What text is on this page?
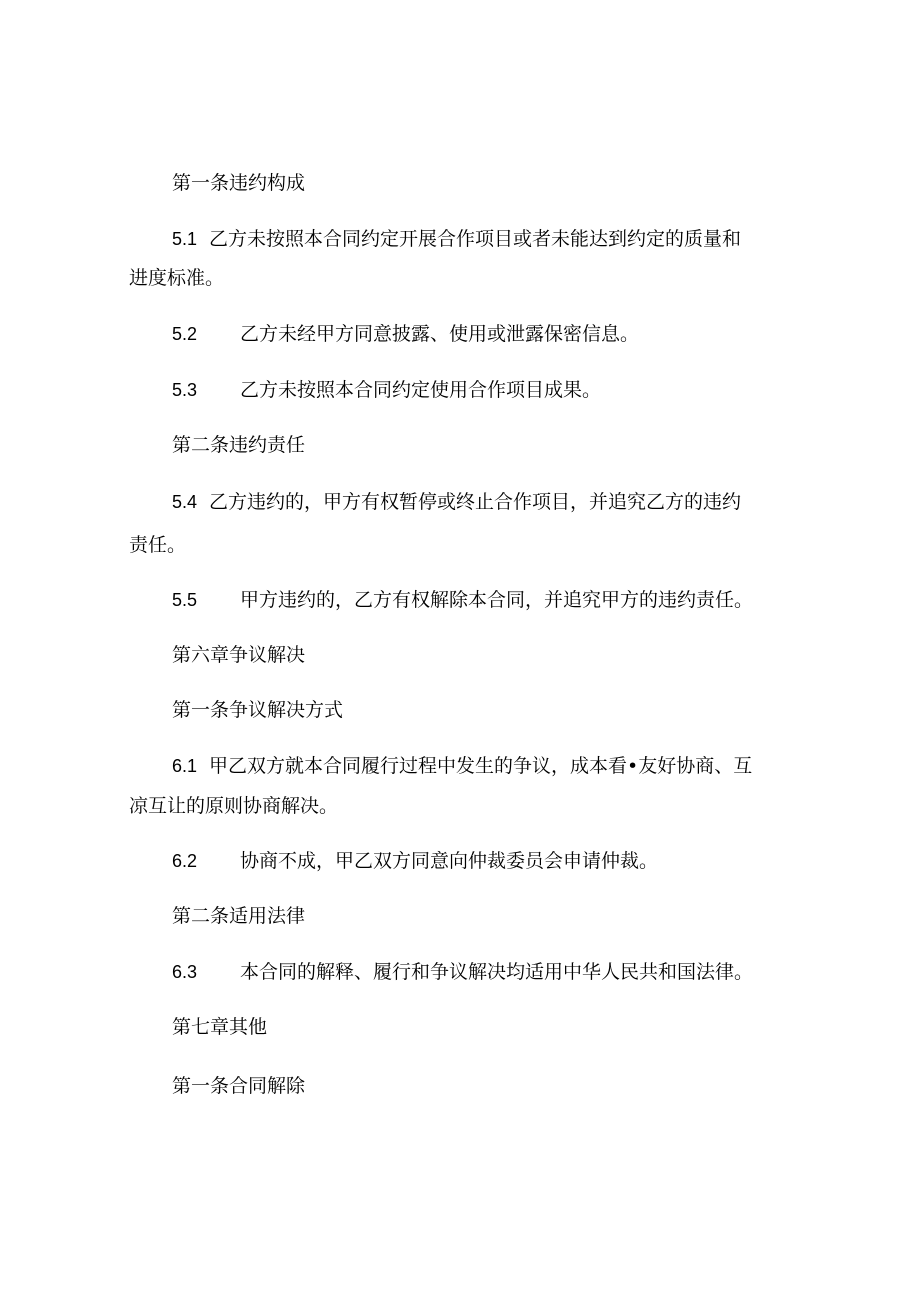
第一条违约构成
5.1 乙方未按照本合同约定开展合作项目或者未能达到约定的质量和
进度标准。
5.2 乙方未经甲方同意披露、使用或泄露保密信息。
5.3 乙方未按照本合同约定使用合作项目成果。
第二条违约责任
5.4 乙方违约的，甲方有权暂停或终止合作项目，并追究乙方的违约
责任。
5.5 甲方违约的，乙方有权解除本合同，并追究甲方的违约责任。
第六章争议解决
第一条争议解决方式
6.1 甲乙双方就本合同履行过程中发生的争议，成本看•友好协商、互
凉互让的原则协商解决。
6.2 协商不成，甲乙双方同意向仲裁委员会申请仲裁。
第二条适用法律
6.3 本合同的解释、履行和争议解决均适用中华人民共和国法律。
第七章其他
第一条合同解除
